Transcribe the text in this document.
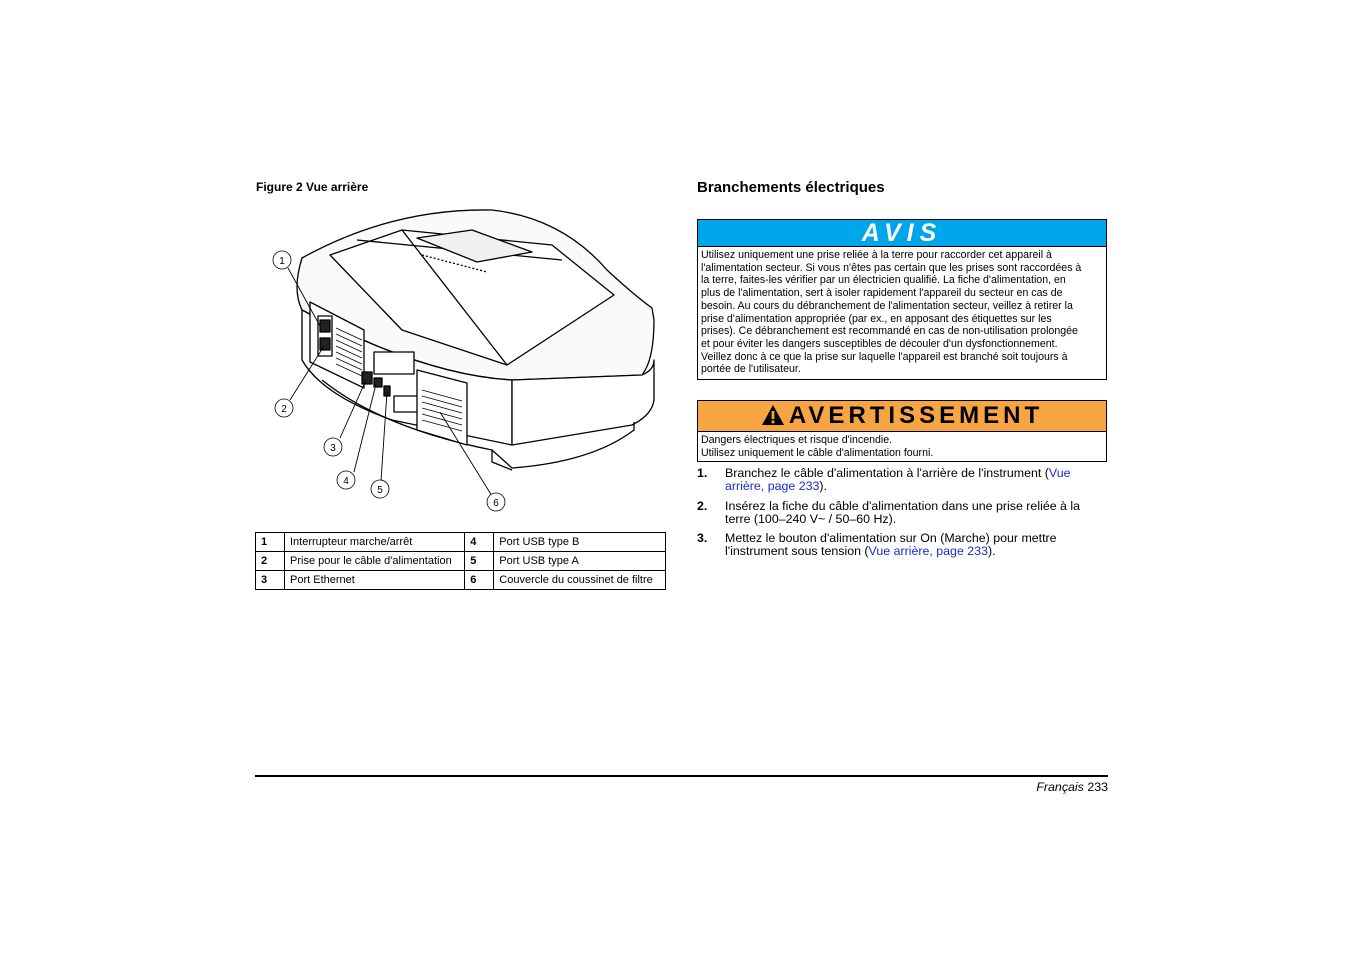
Figure 2 Vue arrière
1
2
3
4
5
6
1	Interrupteur marche/arrêt	4	Port USB type B
2	Prise pour le câble d'alimentation	5	Port USB type A
3	Port Ethernet	6	Couvercle du coussinet de filtre
Branchements électriques
AVIS
Utilisez uniquement une prise reliée à la terre pour raccorder cet appareil à
l'alimentation secteur. Si vous n'êtes pas certain que les prises sont raccordées à
la terre, faites-les vérifier par un électricien qualifié. La fiche d'alimentation, en
plus de l'alimentation, sert à isoler rapidement l'appareil du secteur en cas de
besoin. Au cours du débranchement de l'alimentation secteur, veillez à retirer la
prise d'alimentation appropriée (par ex., en apposant des étiquettes sur les
prises). Ce débranchement est recommandé en cas de non-utilisation prolongée
et pour éviter les dangers susceptibles de découler d'un dysfonctionnement.
Veillez donc à ce que la prise sur laquelle l'appareil est branché soit toujours à
portée de l'utilisateur.
AVERTISSEMENT
Dangers électriques et risque d'incendie.
Utilisez uniquement le câble d'alimentation fourni.
1. Branchez le câble d'alimentation à l'arrière de l'instrument (Vue arrière, page 233).
2. Insérez la fiche du câble d'alimentation dans une prise reliée à la terre (100–240 V~ / 50–60 Hz).
3. Mettez le bouton d'alimentation sur On (Marche) pour mettre l'instrument sous tension (Vue arrière, page 233).
Français 233
